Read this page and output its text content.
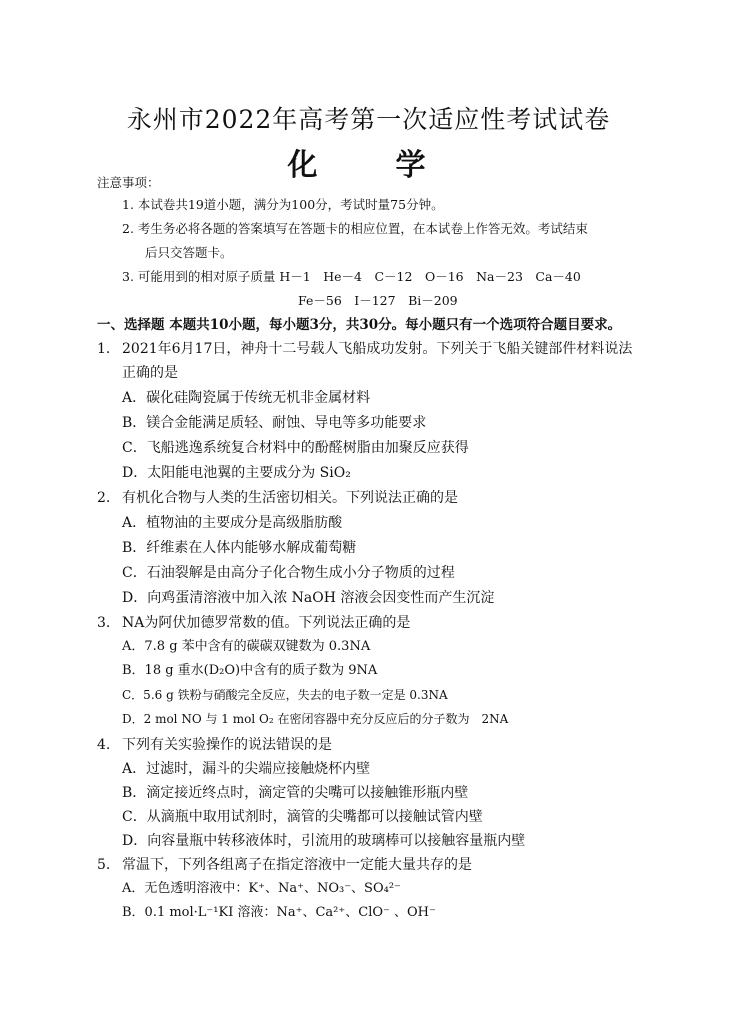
永州市2022年高考第一次适应性考试试卷
化　学
注意事项：
1. 本试卷共19道小题，满分为100分，考试时量75分钟。
2. 考生务必将各题的答案填写在答题卡的相应位置，在本试卷上作答无效。考试结束
后只交答题卡。
3. 可能用到的相对原子质量 H－1　He－4　C－12　O－16　Na－23　Ca－40
Fe－56　I－127　Bi－209
一、选择题 本题共10小题，每小题3分，共30分。每小题只有一个选项符合题目要求。
1. 2021年6月17日，神舟十二号载人飞船成功发射。下列关于飞船关键部件材料说法
正确的是
A．碳化硅陶瓷属于传统无机非金属材料
B．镁合金能满足质轻、耐蚀、导电等多功能要求
C．飞船逃逸系统复合材料中的酚醛树脂由加聚反应获得
D．太阳能电池翼的主要成分为 SiO₂
2. 有机化合物与人类的生活密切相关。下列说法正确的是
A．植物油的主要成分是高级脂肪酸
B．纤维素在人体内能够水解成葡萄糖
C．石油裂解是由高分子化合物生成小分子物质的过程
D．向鸡蛋清溶液中加入浓 NaOH 溶液会因变性而产生沉淀
3. NA为阿伏加德罗常数的值。下列说法正确的是
A．7.8 g 苯中含有的碳碳双键数为 0.3NA
B．18 g 重水(D₂O)中含有的质子数为 9NA
C．5.6 g 铁粉与硝酸完全反应，失去的电子数一定是 0.3NA
D．2 mol NO 与 1 mol O₂ 在密闭容器中充分反应后的分子数为　2NA
4. 下列有关实验操作的说法错误的是
A．过滤时，漏斗的尖端应接触烧杯内壁
B．滴定接近终点时，滴定管的尖嘴可以接触锥形瓶内壁
C．从滴瓶中取用试剂时，滴管的尖嘴都可以接触试管内壁
D．向容量瓶中转移液体时，引流用的玻璃棒可以接触容量瓶内壁
5. 常温下，下列各组离子在指定溶液中一定能大量共存的是
A．无色透明溶液中：K⁺、Na⁺、NO₃⁻、SO₄²⁻
B．0.1 mol·L⁻¹KI 溶液：Na⁺、Ca²⁺、ClO⁻ 、OH⁻
